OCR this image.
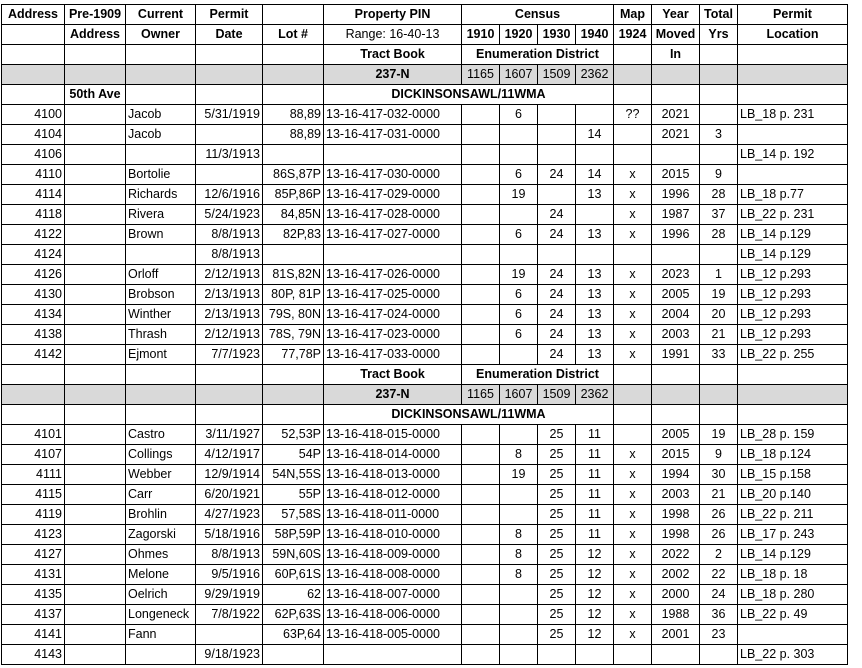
Address	Pre-1909	Current	Permit		Property PIN	Census				Map	Year	Total	Permit
	Address	Owner	Date	Lot #	Range: 16-40-13	1910	1920	1930	1940	1924	Moved	Yrs	Location
					Tract Book	Enumeration District					In		
					237-N	1165	1607	1509	2362				
	50th Ave				DICKINSONSAWL/11WMA								
4100		Jacob	5/31/1919	88,89	13-16-417-032-0000		6			??	2021		LB_18 p. 231
4104		Jacob		88,89	13-16-417-031-0000				14		2021	3	
4106			11/3/1913										LB_14 p. 192
4110		Bortolie		86S,87P	13-16-417-030-0000		6	24	14	x	2015	9	
4114		Richards	12/6/1916	85P,86P	13-16-417-029-0000		19		13	x	1996	28	LB_18 p.77
4118		Rivera	5/24/1923	84,85N	13-16-417-028-0000			24		x	1987	37	LB_22 p. 231
4122		Brown	8/8/1913	82P,83	13-16-417-027-0000		6	24	13	x	1996	28	LB_14 p.129
4124			8/8/1913										LB_14 p.129
4126		Orloff	2/12/1913	81S,82N	13-16-417-026-0000		19	24	13	x	2023	1	LB_12 p.293
4130		Brobson	2/13/1913	80P, 81P	13-16-417-025-0000		6	24	13	x	2005	19	LB_12 p.293
4134		Winther	2/13/1913	79S, 80N	13-16-417-024-0000		6	24	13	x	2004	20	LB_12 p.293
4138		Thrash	2/12/1913	78S, 79N	13-16-417-023-0000		6	24	13	x	2003	21	LB_12 p.293
4142		Ejmont	7/7/1923	77,78P	13-16-417-033-0000			24	13	x	1991	33	LB_22 p. 255
					Tract Book	Enumeration District							
					237-N	1165	1607	1509	2362				
					DICKINSONSAWL/11WMA								
4101		Castro	3/11/1927	52,53P	13-16-418-015-0000			25	11		2005	19	LB_28 p. 159
4107		Collings	4/12/1917	54P	13-16-418-014-0000		8	25	11	x	2015	9	LB_18 p.124
4111		Webber	12/9/1914	54N,55S	13-16-418-013-0000		19	25	11	x	1994	30	LB_15 p.158
4115		Carr	6/20/1921	55P	13-16-418-012-0000			25	11	x	2003	21	LB_20 p.140
4119		Brohlin	4/27/1923	57,58S	13-16-418-011-0000			25	11	x	1998	26	LB_22 p. 211
4123		Zagorski	5/18/1916	58P,59P	13-16-418-010-0000		8	25	11	x	1998	26	LB_17 p. 243
4127		Ohmes	8/8/1913	59N,60S	13-16-418-009-0000		8	25	12	x	2022	2	LB_14 p.129
4131		Melone	9/5/1916	60P,61S	13-16-418-008-0000		8	25	12	x	2002	22	LB_18 p. 18
4135		Oelrich	9/29/1919	62	13-16-418-007-0000			25	12	x	2000	24	LB_18 p. 280
4137		Longeneck	7/8/1922	62P,63S	13-16-418-006-0000			25	12	x	1988	36	LB_22 p. 49
4141		Fann		63P,64	13-16-418-005-0000			25	12	x	2001	23	
4143			9/18/1923										LB_22 p. 303
